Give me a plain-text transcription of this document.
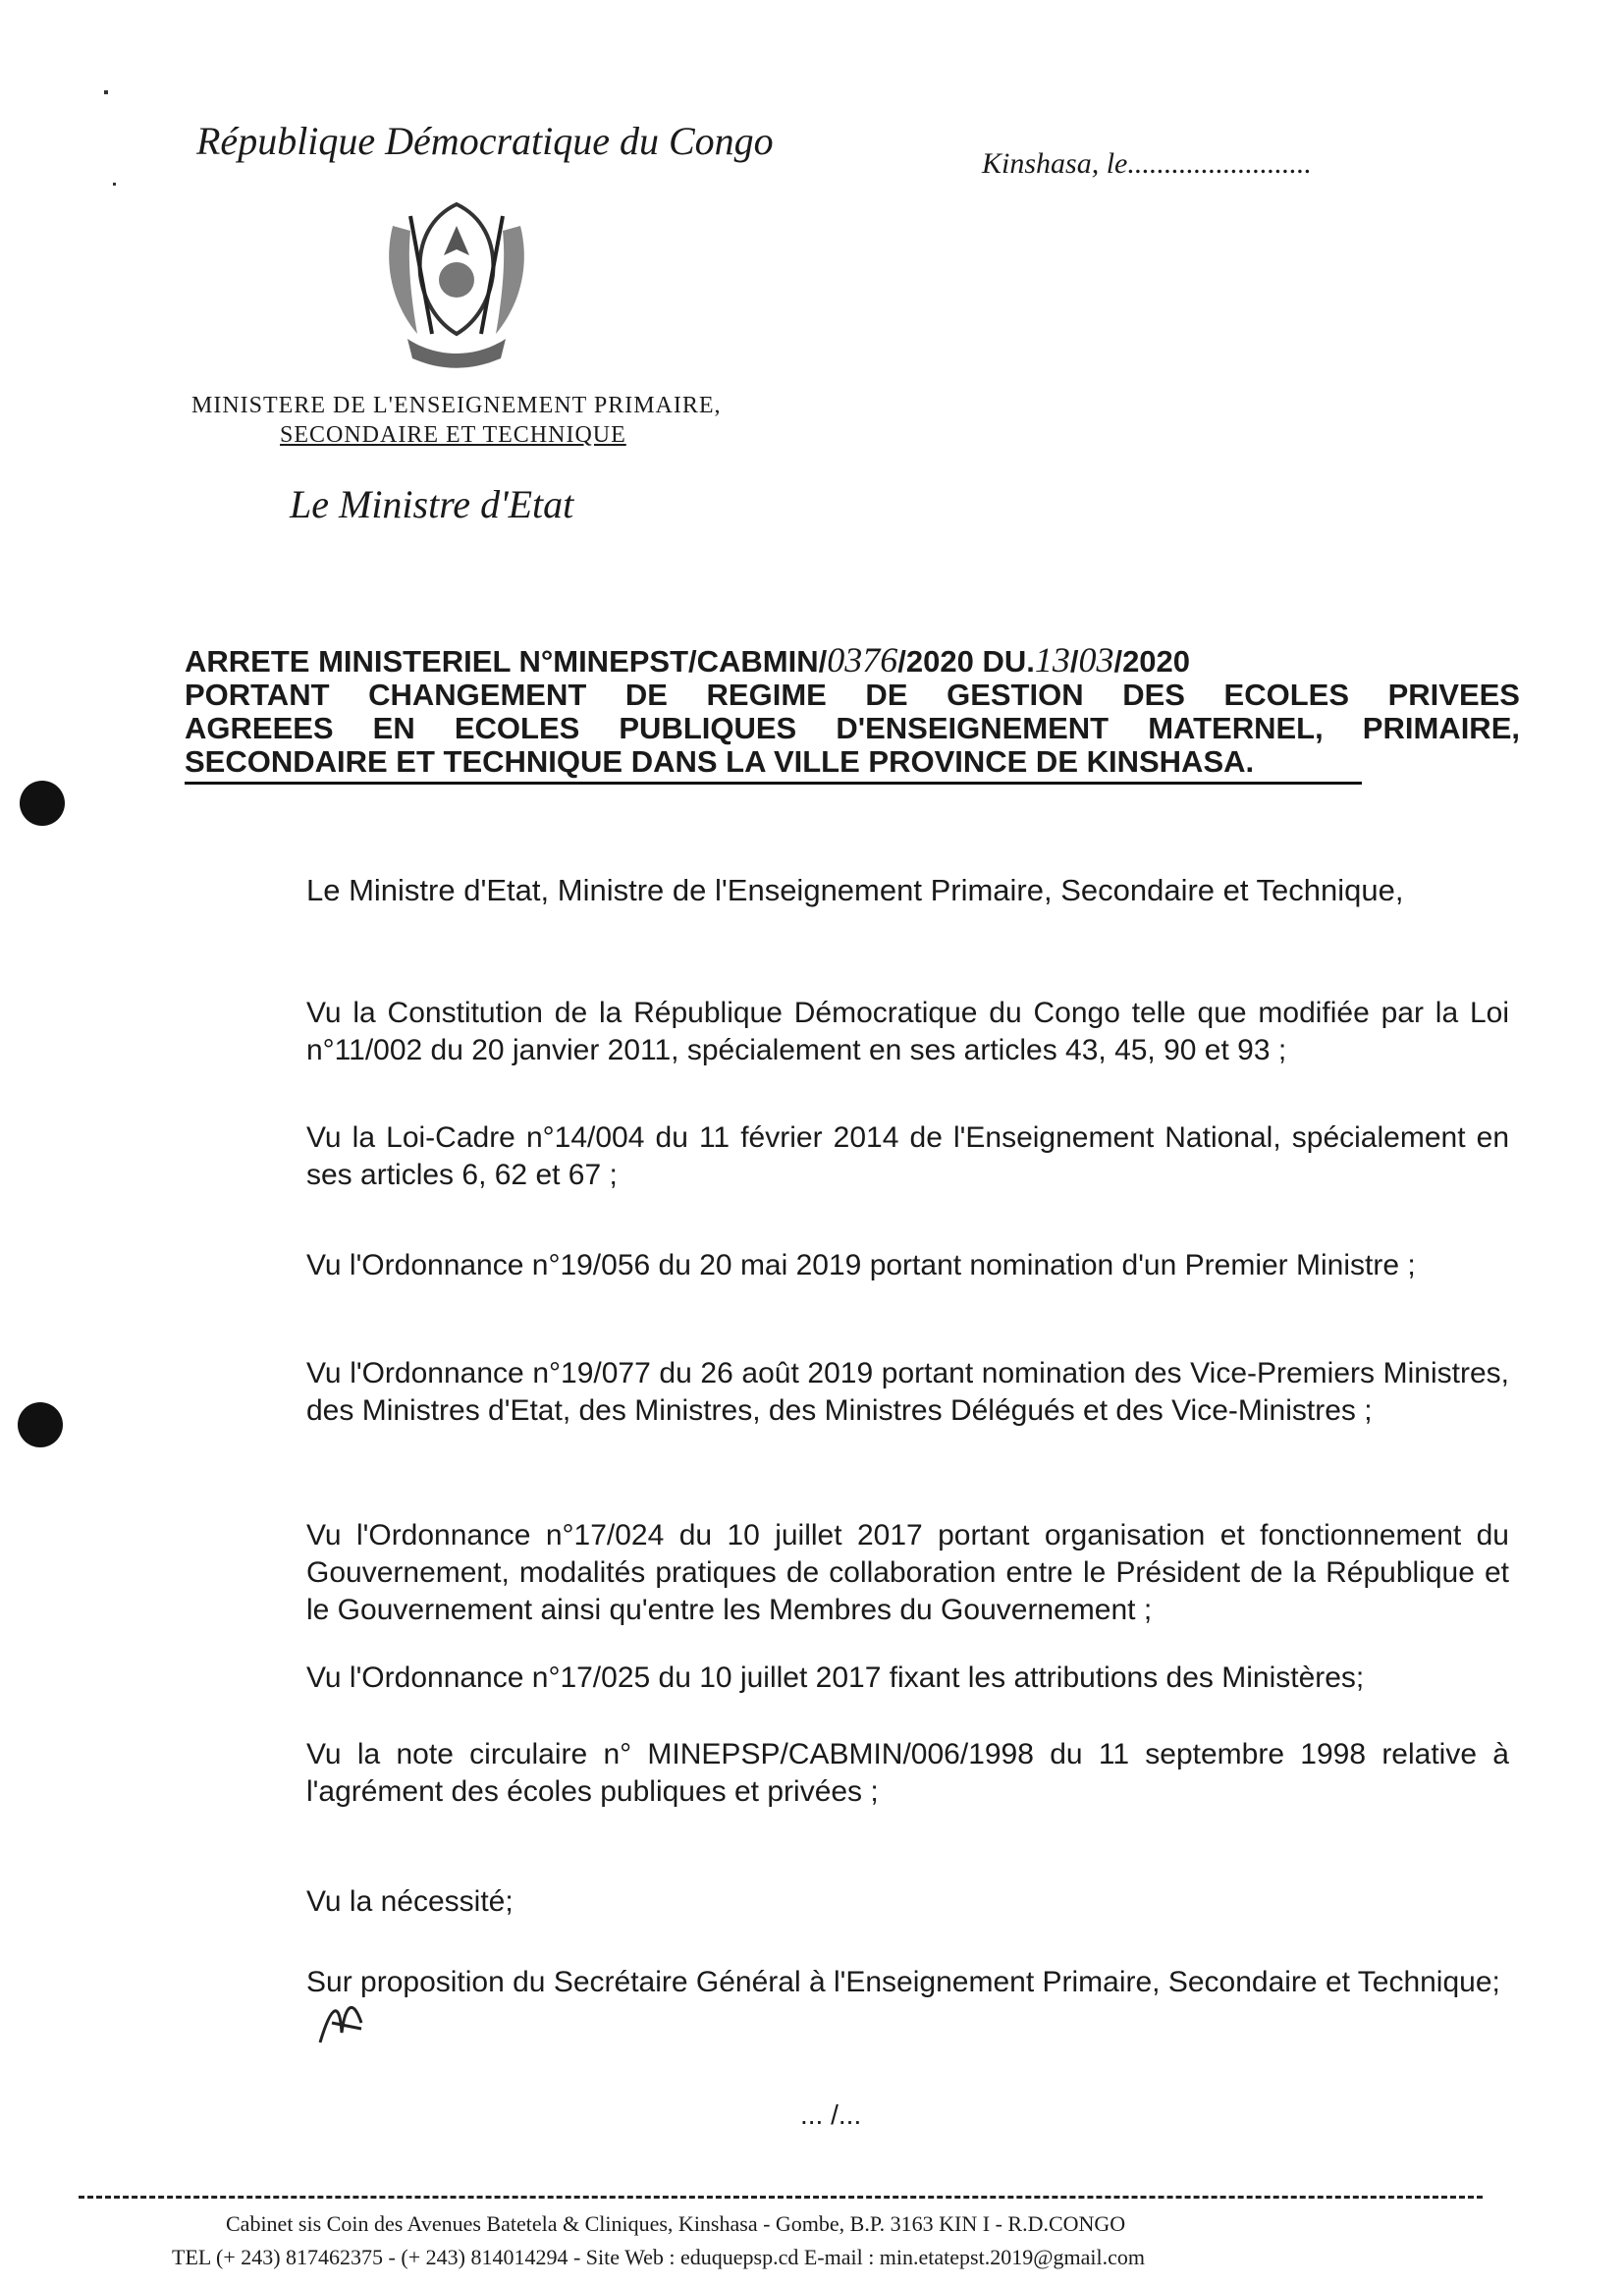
République Démocratique du Congo
Kinshasa, le.........................
MINISTERE DE L'ENSEIGNEMENT PRIMAIRE,
SECONDAIRE ET TECHNIQUE
Le Ministre d'Etat
ARRETE MINISTERIEL N°MINEPST/CABMIN/0376/2020 DU.13/03/2020
PORTANT CHANGEMENT DE REGIME DE GESTION DES ECOLES PRIVEES
AGREEES EN ECOLES PUBLIQUES D'ENSEIGNEMENT MATERNEL, PRIMAIRE,
SECONDAIRE ET TECHNIQUE DANS LA VILLE PROVINCE DE KINSHASA.
Le Ministre d'Etat, Ministre de l'Enseignement Primaire, Secondaire et Technique,
Vu la Constitution de la République Démocratique du Congo telle que modifiée par la Loi n°11/002 du 20 janvier 2011, spécialement en ses articles 43, 45, 90 et 93 ;
Vu la Loi-Cadre n°14/004 du 11 février 2014 de l'Enseignement National, spécialement en ses articles 6, 62 et 67 ;
Vu l'Ordonnance n°19/056 du 20 mai 2019 portant nomination d'un Premier Ministre ;
Vu l'Ordonnance n°19/077 du 26 août 2019 portant nomination des Vice-Premiers Ministres, des Ministres d'Etat, des Ministres, des Ministres Délégués et des Vice-Ministres ;
Vu l'Ordonnance n°17/024 du 10 juillet 2017 portant organisation et fonctionnement du Gouvernement, modalités pratiques de collaboration entre le Président de la République et le Gouvernement ainsi qu'entre les Membres du Gouvernement ;
Vu l'Ordonnance n°17/025 du 10 juillet 2017 fixant les attributions des Ministères;
Vu la note circulaire n° MINEPSP/CABMIN/006/1998 du 11 septembre 1998 relative à l'agrément des écoles publiques et privées ;
Vu la nécessité;
Sur proposition du Secrétaire Général à l'Enseignement Primaire, Secondaire et Technique;
... /...
Cabinet sis Coin des Avenues Batetela & Cliniques, Kinshasa - Gombe, B.P. 3163 KIN I - R.D.CONGO
TEL (+ 243) 817462375 - (+ 243) 814014294 - Site Web : eduquepsp.cd E-mail : min.etatepst.2019@gmail.com
